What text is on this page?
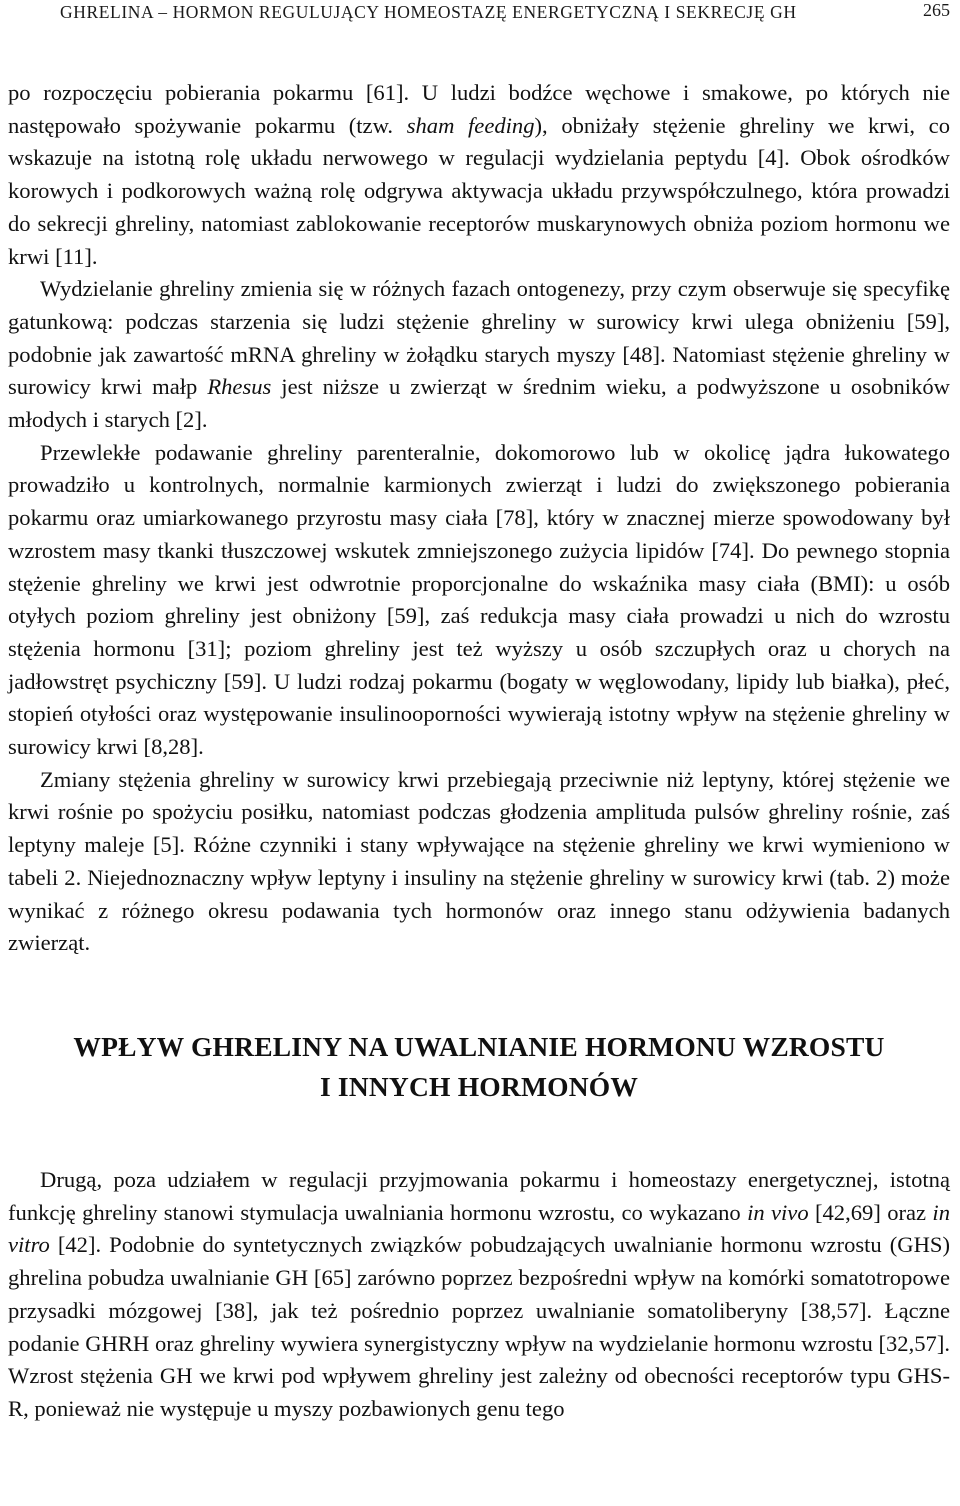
GHRELINA – HORMON REGULUJĄCY HOMEOSTAZĘ ENERGETYCZNĄ I SEKRECJĘ GH	265

po rozpoczęciu pobierania pokarmu [61]. U ludzi bodźce węchowe i smakowe, po których nie następowało spożywanie pokarmu (tzw. sham feeding), obniżały stężenie ghreliny we krwi, co wskazuje na istotną rolę układu nerwowego w regulacji wydzielania peptydu [4]. Obok ośrodków korowych i podkorowych ważną rolę odgrywa aktywacja układu przywspółczulnego, która prowadzi do sekrecji ghreliny, natomiast zablokowanie receptorów muskarynowych obniża poziom hormonu we krwi [11].

Wydzielanie ghreliny zmienia się w różnych fazach ontogenezy, przy czym obserwuje się specyfikę gatunkową: podczas starzenia się ludzi stężenie ghreliny w surowicy krwi ulega obniżeniu [59], podobnie jak zawartość mRNA ghreliny w żołądku starych myszy [48]. Natomiast stężenie ghreliny w surowicy krwi małp Rhesus jest niższe u zwierząt w średnim wieku, a podwyższone u osobników młodych i starych [2].

Przewlekłe podawanie ghreliny parenteralnie, dokomorowo lub w okolicę jądra łukowatego prowadziło u kontrolnych, normalnie karmionych zwierząt i ludzi do zwiększonego pobierania pokarmu oraz umiarkowanego przyrostu masy ciała [78], który w znacznej mierze spowodowany był wzrostem masy tkanki tłuszczowej wskutek zmniejszonego zużycia lipidów [74]. Do pewnego stopnia stężenie ghreliny we krwi jest odwrotnie proporcjonalne do wskaźnika masy ciała (BMI): u osób otyłych poziom ghreliny jest obniżony [59], zaś redukcja masy ciała prowadzi u nich do wzrostu stężenia hormonu [31]; poziom ghreliny jest też wyższy u osób szczupłych oraz u chorych na jadłowstręt psychiczny [59]. U ludzi rodzaj pokarmu (bogaty w węglowodany, lipidy lub białka), płeć, stopień otyłości oraz występowanie insulinooporności wywierają istotny wpływ na stężenie ghreliny w surowicy krwi [8,28].

Zmiany stężenia ghreliny w surowicy krwi przebiegają przeciwnie niż leptyny, której stężenie we krwi rośnie po spożyciu posiłku, natomiast podczas głodzenia amplituda pulsów ghreliny rośnie, zaś leptyny maleje [5]. Różne czynniki i stany wpływające na stężenie ghreliny we krwi wymieniono w tabeli 2. Niejednoznaczny wpływ leptyny i insuliny na stężenie ghreliny w surowicy krwi (tab. 2) może wynikać z różnego okresu podawania tych hormonów oraz innego stanu odżywienia badanych zwierząt.

WPŁYW GHRELINY NA UWALNIANIE HORMONU WZROSTU
I INNYCH HORMONÓW

Drugą, poza udziałem w regulacji przyjmowania pokarmu i homeostazy energetycznej, istotną funkcję ghreliny stanowi stymulacja uwalniania hormonu wzrostu, co wykazano in vivo [42,69] oraz in vitro [42]. Podobnie do syntetycznych związków pobudzających uwalnianie hormonu wzrostu (GHS) ghrelina pobudza uwalnianie GH [65] zarówno poprzez bezpośredni wpływ na komórki somatotropowe przysadki mózgowej [38], jak też pośrednio poprzez uwalnianie somatoliberyny [38,57]. Łączne podanie GHRH oraz ghreliny wywiera synergistyczny wpływ na wydzielanie hormonu wzrostu [32,57]. Wzrost stężenia GH we krwi pod wpływem ghreliny jest zależny od obecności receptorów typu GHS-R, ponieważ nie występuje u myszy pozbawionych genu tego
